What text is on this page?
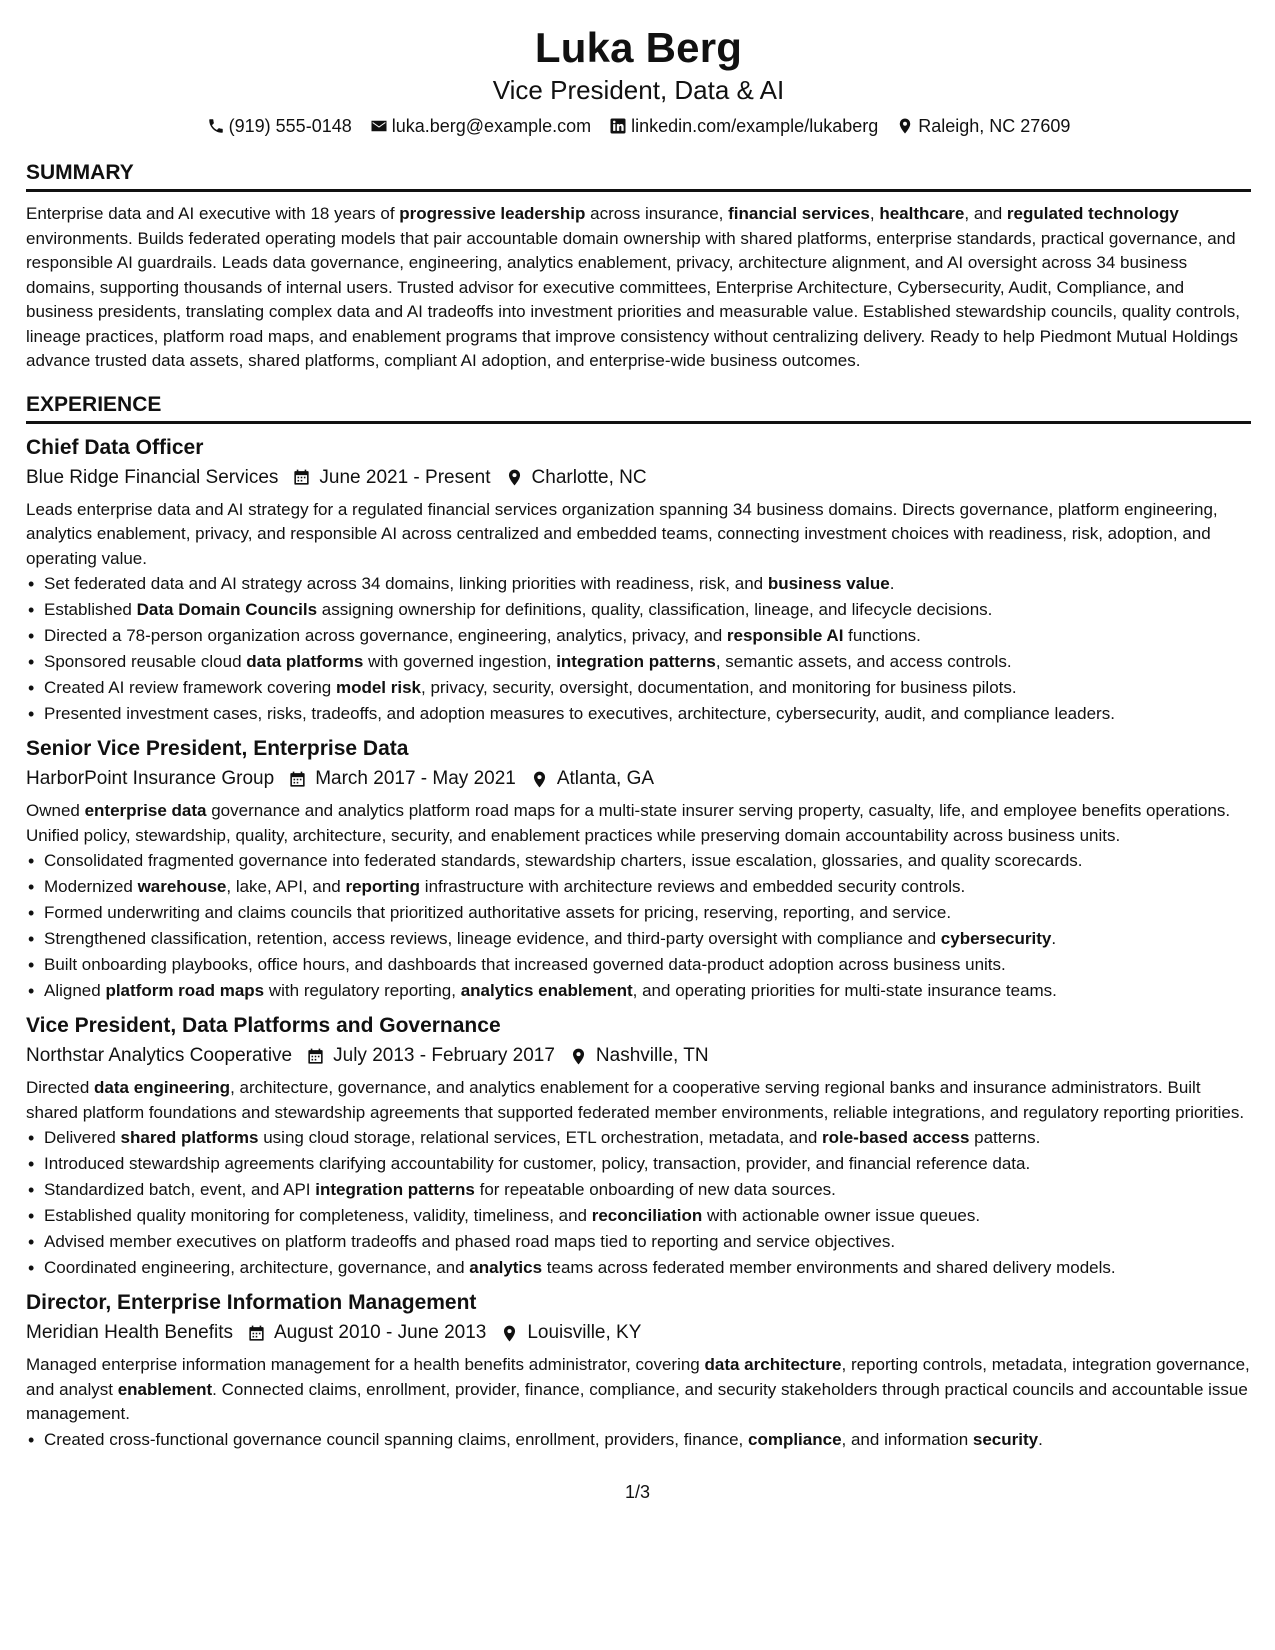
Luka Berg
Vice President, Data & AI
(919) 555-0148 luka.berg@example.com linkedin.com/example/lukaberg Raleigh, NC 27609
SUMMARY
Enterprise data and AI executive with 18 years of progressive leadership across insurance, financial services, healthcare, and regulated technology environments. Builds federated operating models that pair accountable domain ownership with shared platforms, enterprise standards, practical governance, and responsible AI guardrails. Leads data governance, engineering, analytics enablement, privacy, architecture alignment, and AI oversight across 34 business domains, supporting thousands of internal users. Trusted advisor for executive committees, Enterprise Architecture, Cybersecurity, Audit, Compliance, and business presidents, translating complex data and AI tradeoffs into investment priorities and measurable value. Established stewardship councils, quality controls, lineage practices, platform road maps, and enablement programs that improve consistency without centralizing delivery. Ready to help Piedmont Mutual Holdings advance trusted data assets, shared platforms, compliant AI adoption, and enterprise-wide business outcomes.
EXPERIENCE
Chief Data Officer
Blue Ridge Financial Services June 2021 - Present Charlotte, NC
Leads enterprise data and AI strategy for a regulated financial services organization spanning 34 business domains. Directs governance, platform engineering, analytics enablement, privacy, and responsible AI across centralized and embedded teams, connecting investment choices with readiness, risk, adoption, and operating value.
• Set federated data and AI strategy across 34 domains, linking priorities with readiness, risk, and business value.
• Established Data Domain Councils assigning ownership for definitions, quality, classification, lineage, and lifecycle decisions.
• Directed a 78-person organization across governance, engineering, analytics, privacy, and responsible AI functions.
• Sponsored reusable cloud data platforms with governed ingestion, integration patterns, semantic assets, and access controls.
• Created AI review framework covering model risk, privacy, security, oversight, documentation, and monitoring for business pilots.
• Presented investment cases, risks, tradeoffs, and adoption measures to executives, architecture, cybersecurity, audit, and compliance leaders.
Senior Vice President, Enterprise Data
HarborPoint Insurance Group March 2017 - May 2021 Atlanta, GA
Owned enterprise data governance and analytics platform road maps for a multi-state insurer serving property, casualty, life, and employee benefits operations. Unified policy, stewardship, quality, architecture, security, and enablement practices while preserving domain accountability across business units.
• Consolidated fragmented governance into federated standards, stewardship charters, issue escalation, glossaries, and quality scorecards.
• Modernized warehouse, lake, API, and reporting infrastructure with architecture reviews and embedded security controls.
• Formed underwriting and claims councils that prioritized authoritative assets for pricing, reserving, reporting, and service.
• Strengthened classification, retention, access reviews, lineage evidence, and third-party oversight with compliance and cybersecurity.
• Built onboarding playbooks, office hours, and dashboards that increased governed data-product adoption across business units.
• Aligned platform road maps with regulatory reporting, analytics enablement, and operating priorities for multi-state insurance teams.
Vice President, Data Platforms and Governance
Northstar Analytics Cooperative July 2013 - February 2017 Nashville, TN
Directed data engineering, architecture, governance, and analytics enablement for a cooperative serving regional banks and insurance administrators. Built shared platform foundations and stewardship agreements that supported federated member environments, reliable integrations, and regulatory reporting priorities.
• Delivered shared platforms using cloud storage, relational services, ETL orchestration, metadata, and role-based access patterns.
• Introduced stewardship agreements clarifying accountability for customer, policy, transaction, provider, and financial reference data.
• Standardized batch, event, and API integration patterns for repeatable onboarding of new data sources.
• Established quality monitoring for completeness, validity, timeliness, and reconciliation with actionable owner issue queues.
• Advised member executives on platform tradeoffs and phased road maps tied to reporting and service objectives.
• Coordinated engineering, architecture, governance, and analytics teams across federated member environments and shared delivery models.
Director, Enterprise Information Management
Meridian Health Benefits August 2010 - June 2013 Louisville, KY
Managed enterprise information management for a health benefits administrator, covering data architecture, reporting controls, metadata, integration governance, and analyst enablement. Connected claims, enrollment, provider, finance, compliance, and security stakeholders through practical councils and accountable issue management.
• Created cross-functional governance council spanning claims, enrollment, providers, finance, compliance, and information security.
1/3
